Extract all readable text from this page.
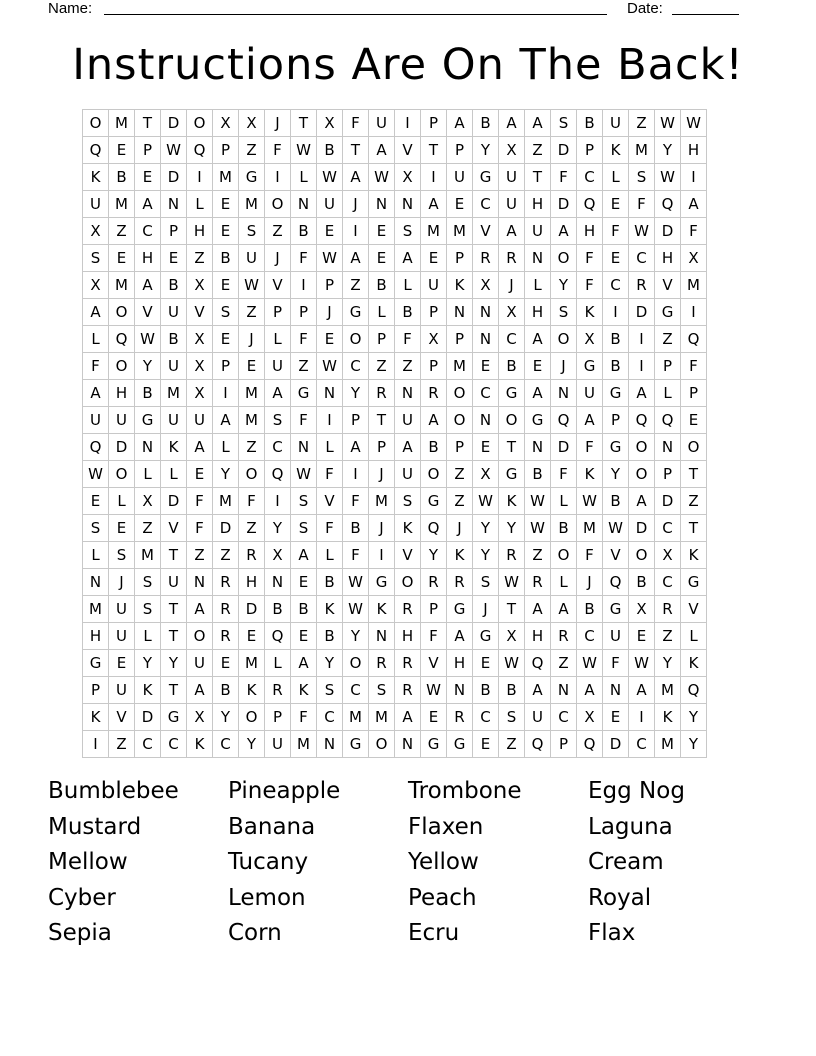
Name:	Date:
Instructions Are On The Back!
O	M	T	D	O	X	X	J	T	X	F	U	I	P	A	B	A	A	S	B	U	Z	W	W
Q	E	P	W	Q	P	Z	F	W	B	T	A	V	T	P	Y	X	Z	D	P	K	M	Y	H
K	B	E	D	I	M	G	I	L	W	A	W	X	I	U	G	U	T	F	C	L	S	W	I
U	M	A	N	L	E	M	O	N	U	J	N	N	A	E	C	U	H	D	Q	E	F	Q	A
X	Z	C	P	H	E	S	Z	B	E	I	E	S	M	M	V	A	U	A	H	F	W	D	F
S	E	H	E	Z	B	U	J	F	W	A	E	A	E	P	R	R	N	O	F	E	C	H	X
X	M	A	B	X	E	W	V	I	P	Z	B	L	U	K	X	J	L	Y	F	C	R	V	M
A	O	V	U	V	S	Z	P	P	J	G	L	B	P	N	N	X	H	S	K	I	D	G	I
L	Q	W	B	X	E	J	L	F	E	O	P	F	X	P	N	C	A	O	X	B	I	Z	Q
F	O	Y	U	X	P	E	U	Z	W	C	Z	Z	P	M	E	B	E	J	G	B	I	P	F
A	H	B	M	X	I	M	A	G	N	Y	R	N	R	O	C	G	A	N	U	G	A	L	P
U	U	G	U	U	A	M	S	F	I	P	T	U	A	O	N	O	G	Q	A	P	Q	Q	E
Q	D	N	K	A	L	Z	C	N	L	A	P	A	B	P	E	T	N	D	F	G	O	N	O
W	O	L	L	E	Y	O	Q	W	F	I	J	U	O	Z	X	G	B	F	K	Y	O	P	T
E	L	X	D	F	M	F	I	S	V	F	M	S	G	Z	W	K	W	L	W	B	A	D	Z
S	E	Z	V	F	D	Z	Y	S	F	B	J	K	Q	J	Y	Y	W	B	M	W	D	C	T
L	S	M	T	Z	Z	R	X	A	L	F	I	V	Y	K	Y	R	Z	O	F	V	O	X	K
N	J	S	U	N	R	H	N	E	B	W	G	O	R	R	S	W	R	L	J	Q	B	C	G
M	U	S	T	A	R	D	B	B	K	W	K	R	P	G	J	T	A	A	B	G	X	R	V
H	U	L	T	O	R	E	Q	E	B	Y	N	H	F	A	G	X	H	R	C	U	E	Z	L
G	E	Y	Y	U	E	M	L	A	Y	O	R	R	V	H	E	W	Q	Z	W	F	W	Y	K
P	U	K	T	A	B	K	R	K	S	C	S	R	W	N	B	B	A	N	A	N	A	M	Q
K	V	D	G	X	Y	O	P	F	C	M	M	A	E	R	C	S	U	C	X	E	I	K	Y
I	Z	C	C	K	C	Y	U	M	N	G	O	N	G	G	E	Z	Q	P	Q	D	C	M	Y
Bumblebee
Mustard
Mellow
Cyber
Sepia
Pineapple
Banana
Tucany
Lemon
Corn
Trombone
Flaxen
Yellow
Peach
Ecru
Egg Nog
Laguna
Cream
Royal
Flax
